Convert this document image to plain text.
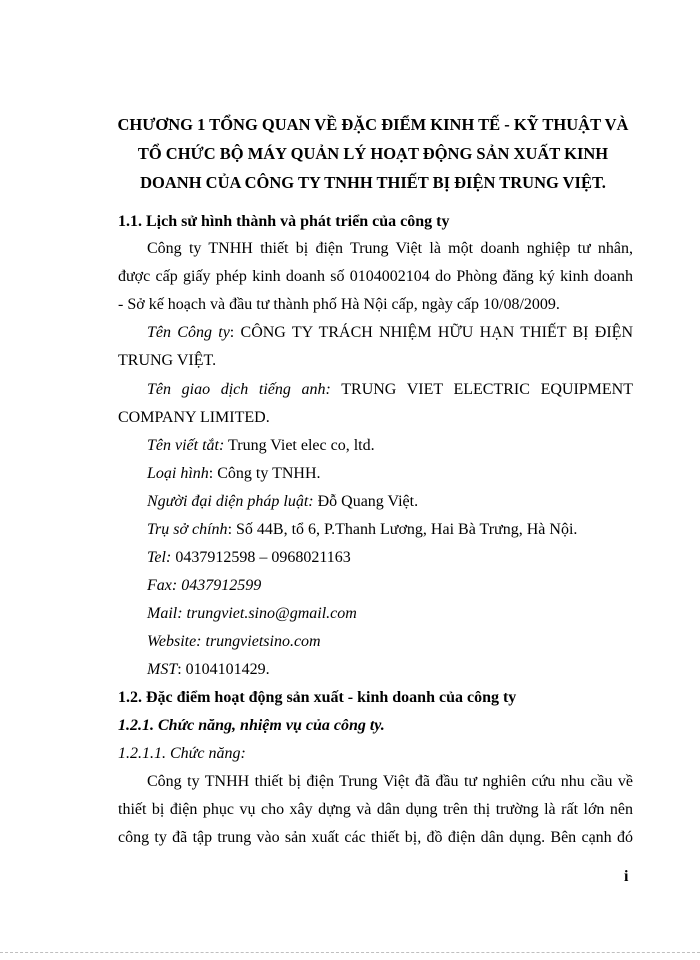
CHƯƠNG 1 TỔNG QUAN VỀ ĐẶC ĐIỂM KINH TẾ - KỸ THUẬT VÀ
TỔ CHỨC BỘ MÁY QUẢN LÝ HOẠT ĐỘNG SẢN XUẤT KINH
DOANH CỦA CÔNG TY TNHH THIẾT BỊ ĐIỆN TRUNG VIỆT.
1.1. Lịch sử hình thành và phát triển của công ty
Công ty TNHH thiết bị điện Trung Việt là một doanh nghiệp tư nhân,
được cấp giấy phép kinh doanh số 0104002104 do Phòng đăng ký kinh doanh
- Sở kế hoạch và đầu tư thành phố Hà Nội cấp, ngày cấp 10/08/2009.
Tên Công ty: CÔNG TY TRÁCH NHIỆM HỮU HẠN THIẾT BỊ ĐIỆN
TRUNG VIỆT.
Tên giao dịch tiếng anh: TRUNG VIET ELECTRIC EQUIPMENT
COMPANY LIMITED.
Tên viết tắt: Trung Viet elec co, ltd.
Loại hình: Công ty TNHH.
Người đại diện pháp luật: Đỗ Quang Việt.
Trụ sở chính: Số 44B, tổ 6, P.Thanh Lương, Hai Bà Trưng, Hà Nội.
Tel: 0437912598 – 0968021163
Fax: 0437912599
Mail: trungviet.sino@gmail.com
Website: trungvietsino.com
MST: 0104101429.
1.2. Đặc điểm hoạt động sản xuất - kinh doanh của công ty
1.2.1. Chức năng, nhiệm vụ của công ty.
1.2.1.1. Chức năng:
Công ty TNHH thiết bị điện Trung Việt đã đầu tư nghiên cứu nhu cầu về
thiết bị điện phục vụ cho xây dựng và dân dụng trên thị trường là rất lớn nên
công ty đã tập trung vào sản xuất các thiết bị, đồ điện dân dụng. Bên cạnh đó
i
